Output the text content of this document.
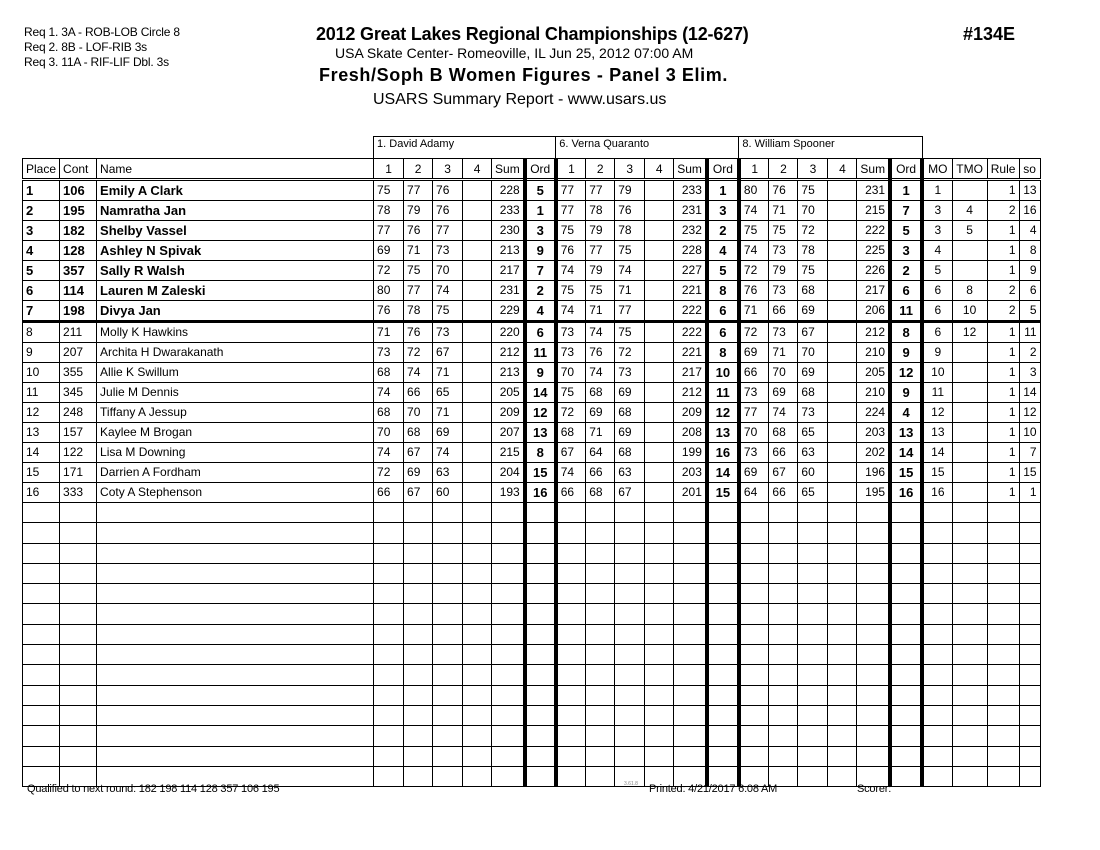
Req 1. 3A - ROB-LOB Circle 8
Req 2. 8B - LOF-RIB 3s
Req 3. 11A - RIF-LIF Dbl. 3s
2012 Great Lakes Regional Championships (12-627)
USA Skate Center- Romeoville, IL Jun 25, 2012 07:00 AM
Fresh/Soph B Women Figures - Panel 3 Elim.
USARS Summary Report - www.usars.us
#134E
			1. David Adamy						6. Verna Quaranto						8. William Spooner									
Place	Cont	Name	1	2	3	4	Sum	Ord	1	2	3	4	Sum	Ord	1	2	3	4	Sum	Ord	MO	TMO	Rule	so
1	106	Emily A Clark	75	77	76		228	5	77	77	79		233	1	80	76	75		231	1	1		1	13
2	195	Namratha Jan	78	79	76		233	1	77	78	76		231	3	74	71	70		215	7	3	4	2	16
3	182	Shelby Vassel	77	76	77		230	3	75	79	78		232	2	75	75	72		222	5	3	5	1	4
4	128	Ashley N Spivak	69	71	73		213	9	76	77	75		228	4	74	73	78		225	3	4		1	8
5	357	Sally R Walsh	72	75	70		217	7	74	79	74		227	5	72	79	75		226	2	5		1	9
6	114	Lauren M Zaleski	80	77	74		231	2	75	75	71		221	8	76	73	68		217	6	6	8	2	6
7	198	Divya Jan	76	78	75		229	4	74	71	77		222	6	71	66	69		206	11	6	10	2	5
8	211	Molly K Hawkins	71	76	73		220	6	73	74	75		222	6	72	73	67		212	8	6	12	1	11
9	207	Archita H Dwarakanath	73	72	67		212	11	73	76	72		221	8	69	71	70		210	9	9		1	2
10	355	Allie K Swillum	68	74	71		213	9	70	74	73		217	10	66	70	69		205	12	10		1	3
11	345	Julie M Dennis	74	66	65		205	14	75	68	69		212	11	73	69	68		210	9	11		1	14
12	248	Tiffany A Jessup	68	70	71		209	12	72	69	68		209	12	77	74	73		224	4	12		1	12
13	157	Kaylee M Brogan	70	68	69		207	13	68	71	69		208	13	70	68	65		203	13	13		1	10
14	122	Lisa M Downing	74	67	74		215	8	67	64	68		199	16	73	66	63		202	14	14		1	7
15	171	Darrien A Fordham	72	69	63		204	15	74	66	63		203	14	69	67	60		196	15	15		1	15
16	333	Coty A Stephenson	66	67	60		193	16	66	68	67		201	15	64	66	65		195	16	16		1	1

Qualified to next round: 182 198 114 128 357 106 195	3.61.8 Printed: 4/21/2017 6:08 AM	Scorer:
